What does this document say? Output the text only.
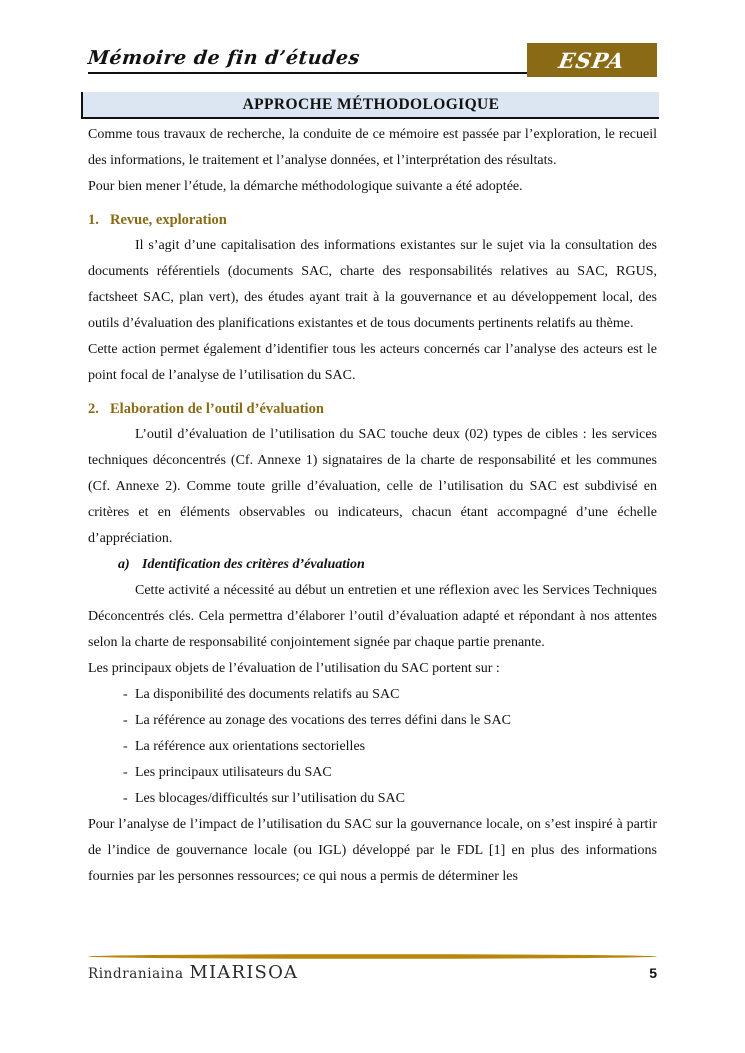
Mémoire de fin d’études	ESPA
APPROCHE MÉTHODOLOGIQUE

Comme tous travaux de recherche, la conduite de ce mémoire est passée par l’exploration, le recueil des informations, le traitement et l’analyse données, et l’interprétation des résultats.

Pour bien mener l’étude, la démarche méthodologique suivante a été adoptée.

1. Revue, exploration

Il s’agit d’une capitalisation des informations existantes sur le sujet via la consultation des documents référentiels (documents SAC, charte des responsabilités relatives au SAC, RGUS, factsheet SAC, plan vert), des études ayant trait à la gouvernance et au développement local, des outils d’évaluation des planifications existantes et de tous documents pertinents relatifs au thème.

Cette action permet également d’identifier tous les acteurs concernés car l’analyse des acteurs est le point focal de l’analyse de l’utilisation du SAC.

2. Elaboration de l’outil d’évaluation

L’outil d’évaluation de l’utilisation du SAC touche deux (02) types de cibles : les services techniques déconcentrés (Cf. Annexe 1) signataires de la charte de responsabilité et les communes (Cf. Annexe 2). Comme toute grille d’évaluation, celle de l’utilisation du SAC est subdivisé en critères et en éléments observables ou indicateurs, chacun étant accompagné d’une échelle d’appréciation.

a) Identification des critères d’évaluation

Cette activité a nécessité au début un entretien et une réflexion avec les Services Techniques Déconcentrés clés. Cela permettra d’élaborer l’outil d’évaluation adapté et répondant à nos attentes selon la charte de responsabilité conjointement signée par chaque partie prenante.

Les principaux objets de l’évaluation de l’utilisation du SAC portent sur :

- La disponibilité des documents relatifs au SAC
- La référence au zonage des vocations des terres défini dans le SAC
- La référence aux orientations sectorielles
- Les principaux utilisateurs du SAC
- Les blocages/difficultés sur l’utilisation du SAC

Pour l’analyse de l’impact de l’utilisation du SAC sur la gouvernance locale, on s’est inspiré à partir de l’indice de gouvernance locale (ou IGL) développé par le FDL [1] en plus des informations fournies par les personnes ressources; ce qui nous a permis de déterminer les

Rindraniaina MIARISOA	5
